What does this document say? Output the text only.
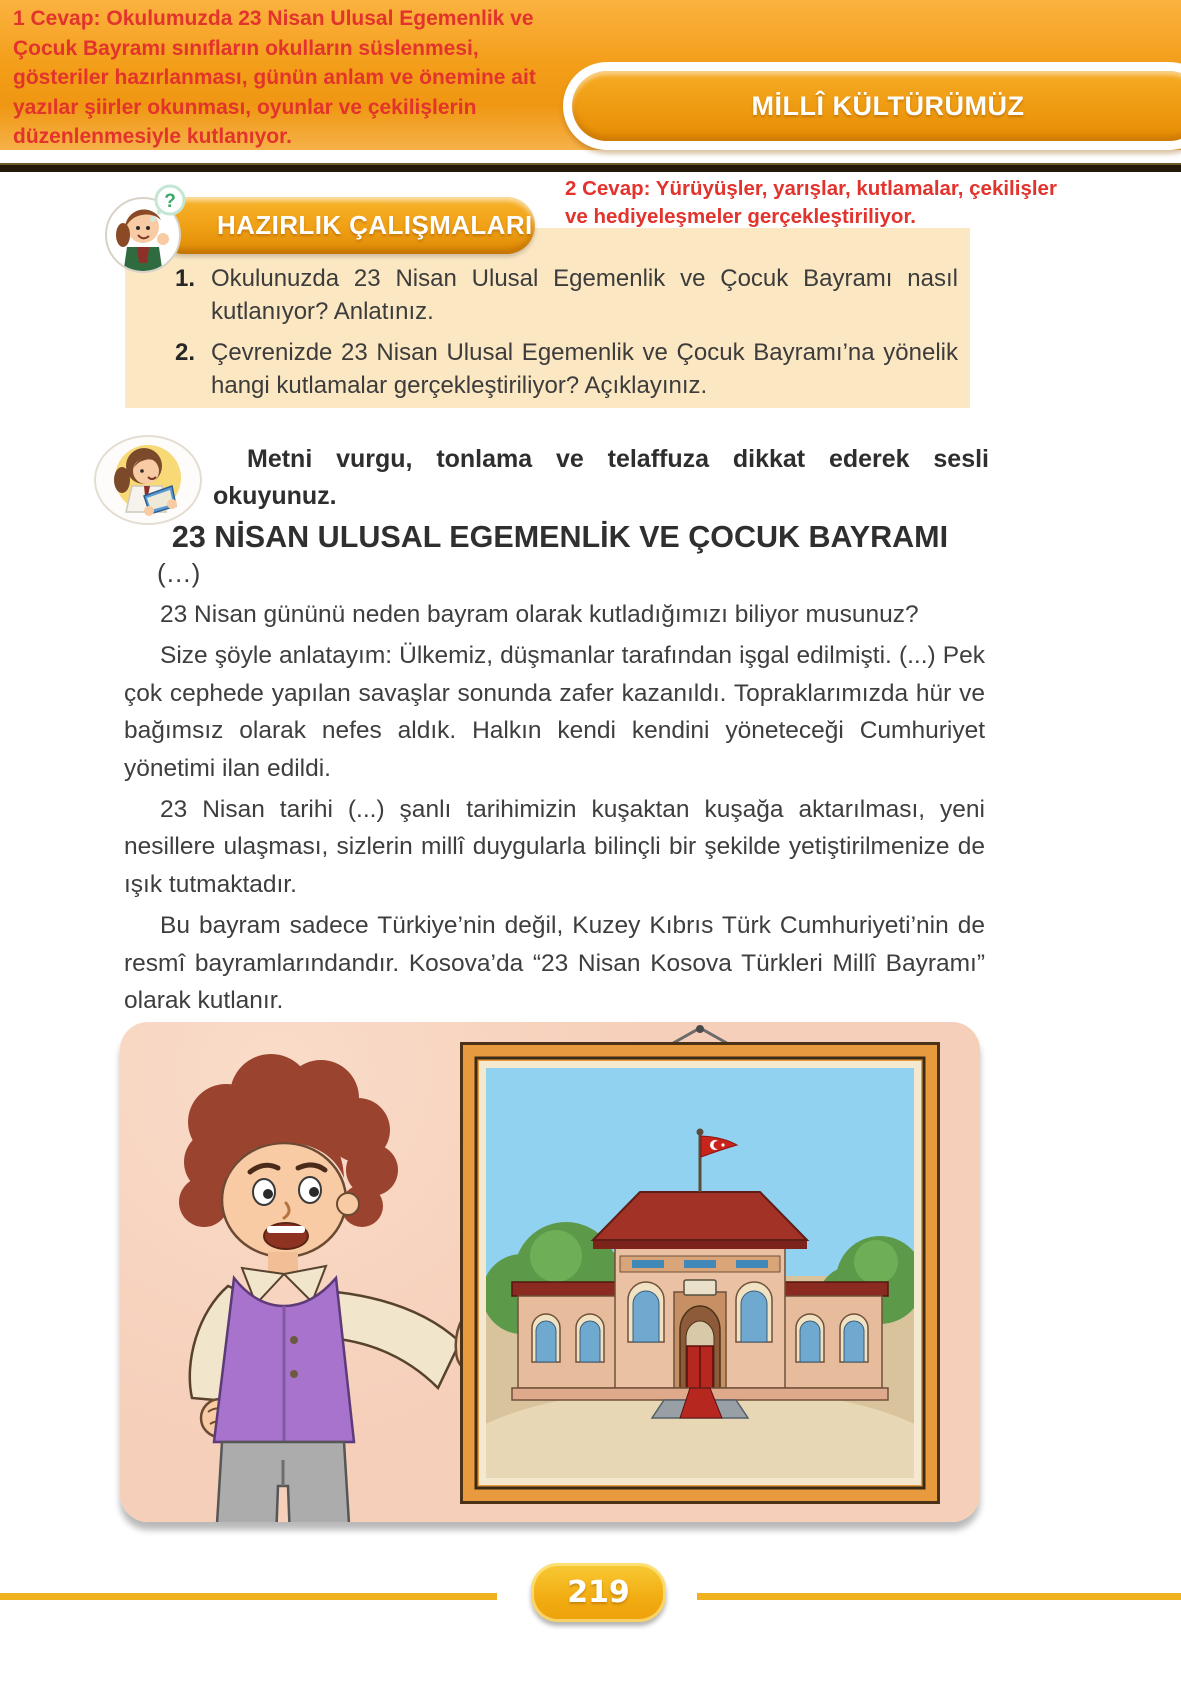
1 Cevap: Okulumuzda 23 Nisan Ulusal Egemenlik ve Çocuk Bayramı sınıfların okulların süslenmesi, gösteriler hazırlanması, günün anlam ve önemine ait yazılar şiirler okunması, oyunlar ve çekilişlerin düzenlenmesiyle kutlanıyor.

MİLLÎ KÜLTÜRÜMÜZ

2 Cevap: Yürüyüşler, yarışlar, kutlamalar, çekilişler ve hediyeleşmeler gerçekleştiriliyor.

1. Okulunuzda 23 Nisan Ulusal Egemenlik ve Çocuk Bayramı nasıl kutlanıyor? Anlatınız.
2. Çevrenizde 23 Nisan Ulusal Egemenlik ve Çocuk Bayramı’na yönelik hangi kutlamalar gerçekleştiriliyor? Açıklayınız.
HAZIRLIK ÇALIŞMALARI
?

Metni vurgu, tonlama ve telaffuza dikkat ederek sesli okuyunuz.

23 NİSAN ULUSAL EGEMENLİK VE ÇOCUK BAYRAMI

(…)

23 Nisan gününü neden bayram olarak kutladığımızı biliyor musunuz?

Size şöyle anlatayım: Ülkemiz, düşmanlar tarafından işgal edilmişti. (...) Pek çok cephede yapılan savaşlar sonunda zafer kazanıldı. Topraklarımızda hür ve bağımsız olarak nefes aldık. Halkın kendi kendini yöneteceği Cumhuriyet yönetimi ilan edildi.

23 Nisan tarihi (...) şanlı tarihimizin kuşaktan kuşağa aktarılması, yeni nesillere ulaşması, sizlerin millî duygularla bilinçli bir şekilde yetiştirilmenize de ışık tutmaktadır.

Bu bayram sadece Türkiye’nin değil, Kuzey Kıbrıs Türk Cumhuriyeti’nin de resmî bayramlarındandır. Kosova’da “23 Nisan Kosova Türkleri Millî Bayramı” olarak kutlanır.

219
